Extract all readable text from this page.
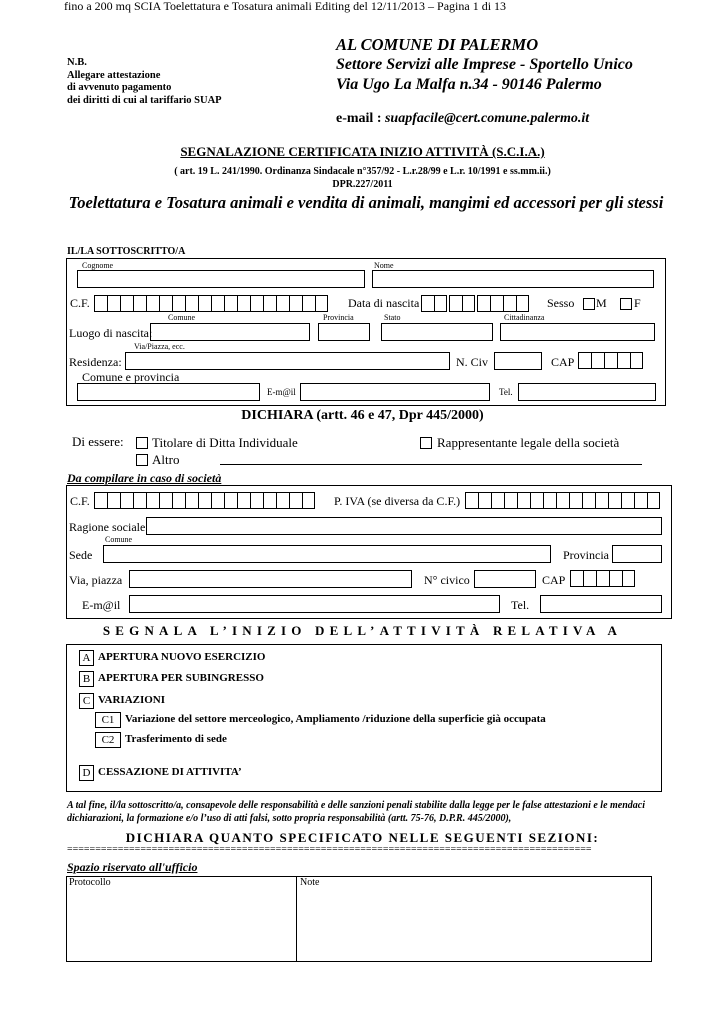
fino a 200 mq SCIA Toelettatura e Tosatura animali Editing del 12/11/2013 – Pagina 1 di 13
N.B.
Allegare attestazione
di avvenuto pagamento
dei diritti di cui al tariffario SUAP
AL COMUNE DI PALERMO
Settore Servizi alle Imprese - Sportello Unico
Via Ugo La Malfa n.34 - 90146 Palermo
e-mail : suapfacile@cert.comune.palermo.it
SEGNALAZIONE CERTIFICATA INIZIO ATTIVITÀ (S.C.I.A.)
( art. 19 L. 241/1990. Ordinanza Sindacale n°357/92 - L.r.28/99 e L.r. 10/1991 e ss.mm.ii.)
DPR.227/2011
Toelettatura e Tosatura animali e vendita di animali, mangimi ed accessori per gli stessi
IL/LA SOTTOSCRITTO/A
Cognome	Nome
C.F.	Data di nascita	Sesso M F
Comune	Provincia	Stato	Cittadinanza
Luogo di nascita:
Via/Piazza, ecc.
Residenza:	N. Civ	CAP
Comune e provincia
E-m@il	Tel.
DICHIARA (artt. 46 e 47, Dpr 445/2000)
Di essere: Titolare di Ditta Individuale	Rappresentante legale della società
Altro
Da compilare in caso di società
C.F.	P. IVA (se diversa da C.F.)
Ragione sociale
Comune
Sede	Provincia
Via, piazza	N° civico	CAP
E-m@il	Tel.
SEGNALA L’INIZIO DELL’ATTIVITÀ RELATIVA A
A APERTURA NUOVO ESERCIZIO
B APERTURA PER SUBINGRESSO
C VARIAZIONI
C1 Variazione del settore merceologico, Ampliamento /riduzione della superficie già occupata
C2 Trasferimento di sede
D CESSAZIONE DI ATTIVITA’
A tal fine, il/la sottoscritto/a, consapevole delle responsabilità e delle sanzioni penali stabilite dalla legge per le false attestazioni e le mendaci dichiarazioni, la formazione e/o l’uso di atti falsi, sotto propria responsabilità (artt. 75-76, D.P.R. 445/2000),
DICHIARA QUANTO SPECIFICATO NELLE SEGUENTI SEZIONI:
=============================================================================================
Spazio riservato all'ufficio
Protocollo	Note
